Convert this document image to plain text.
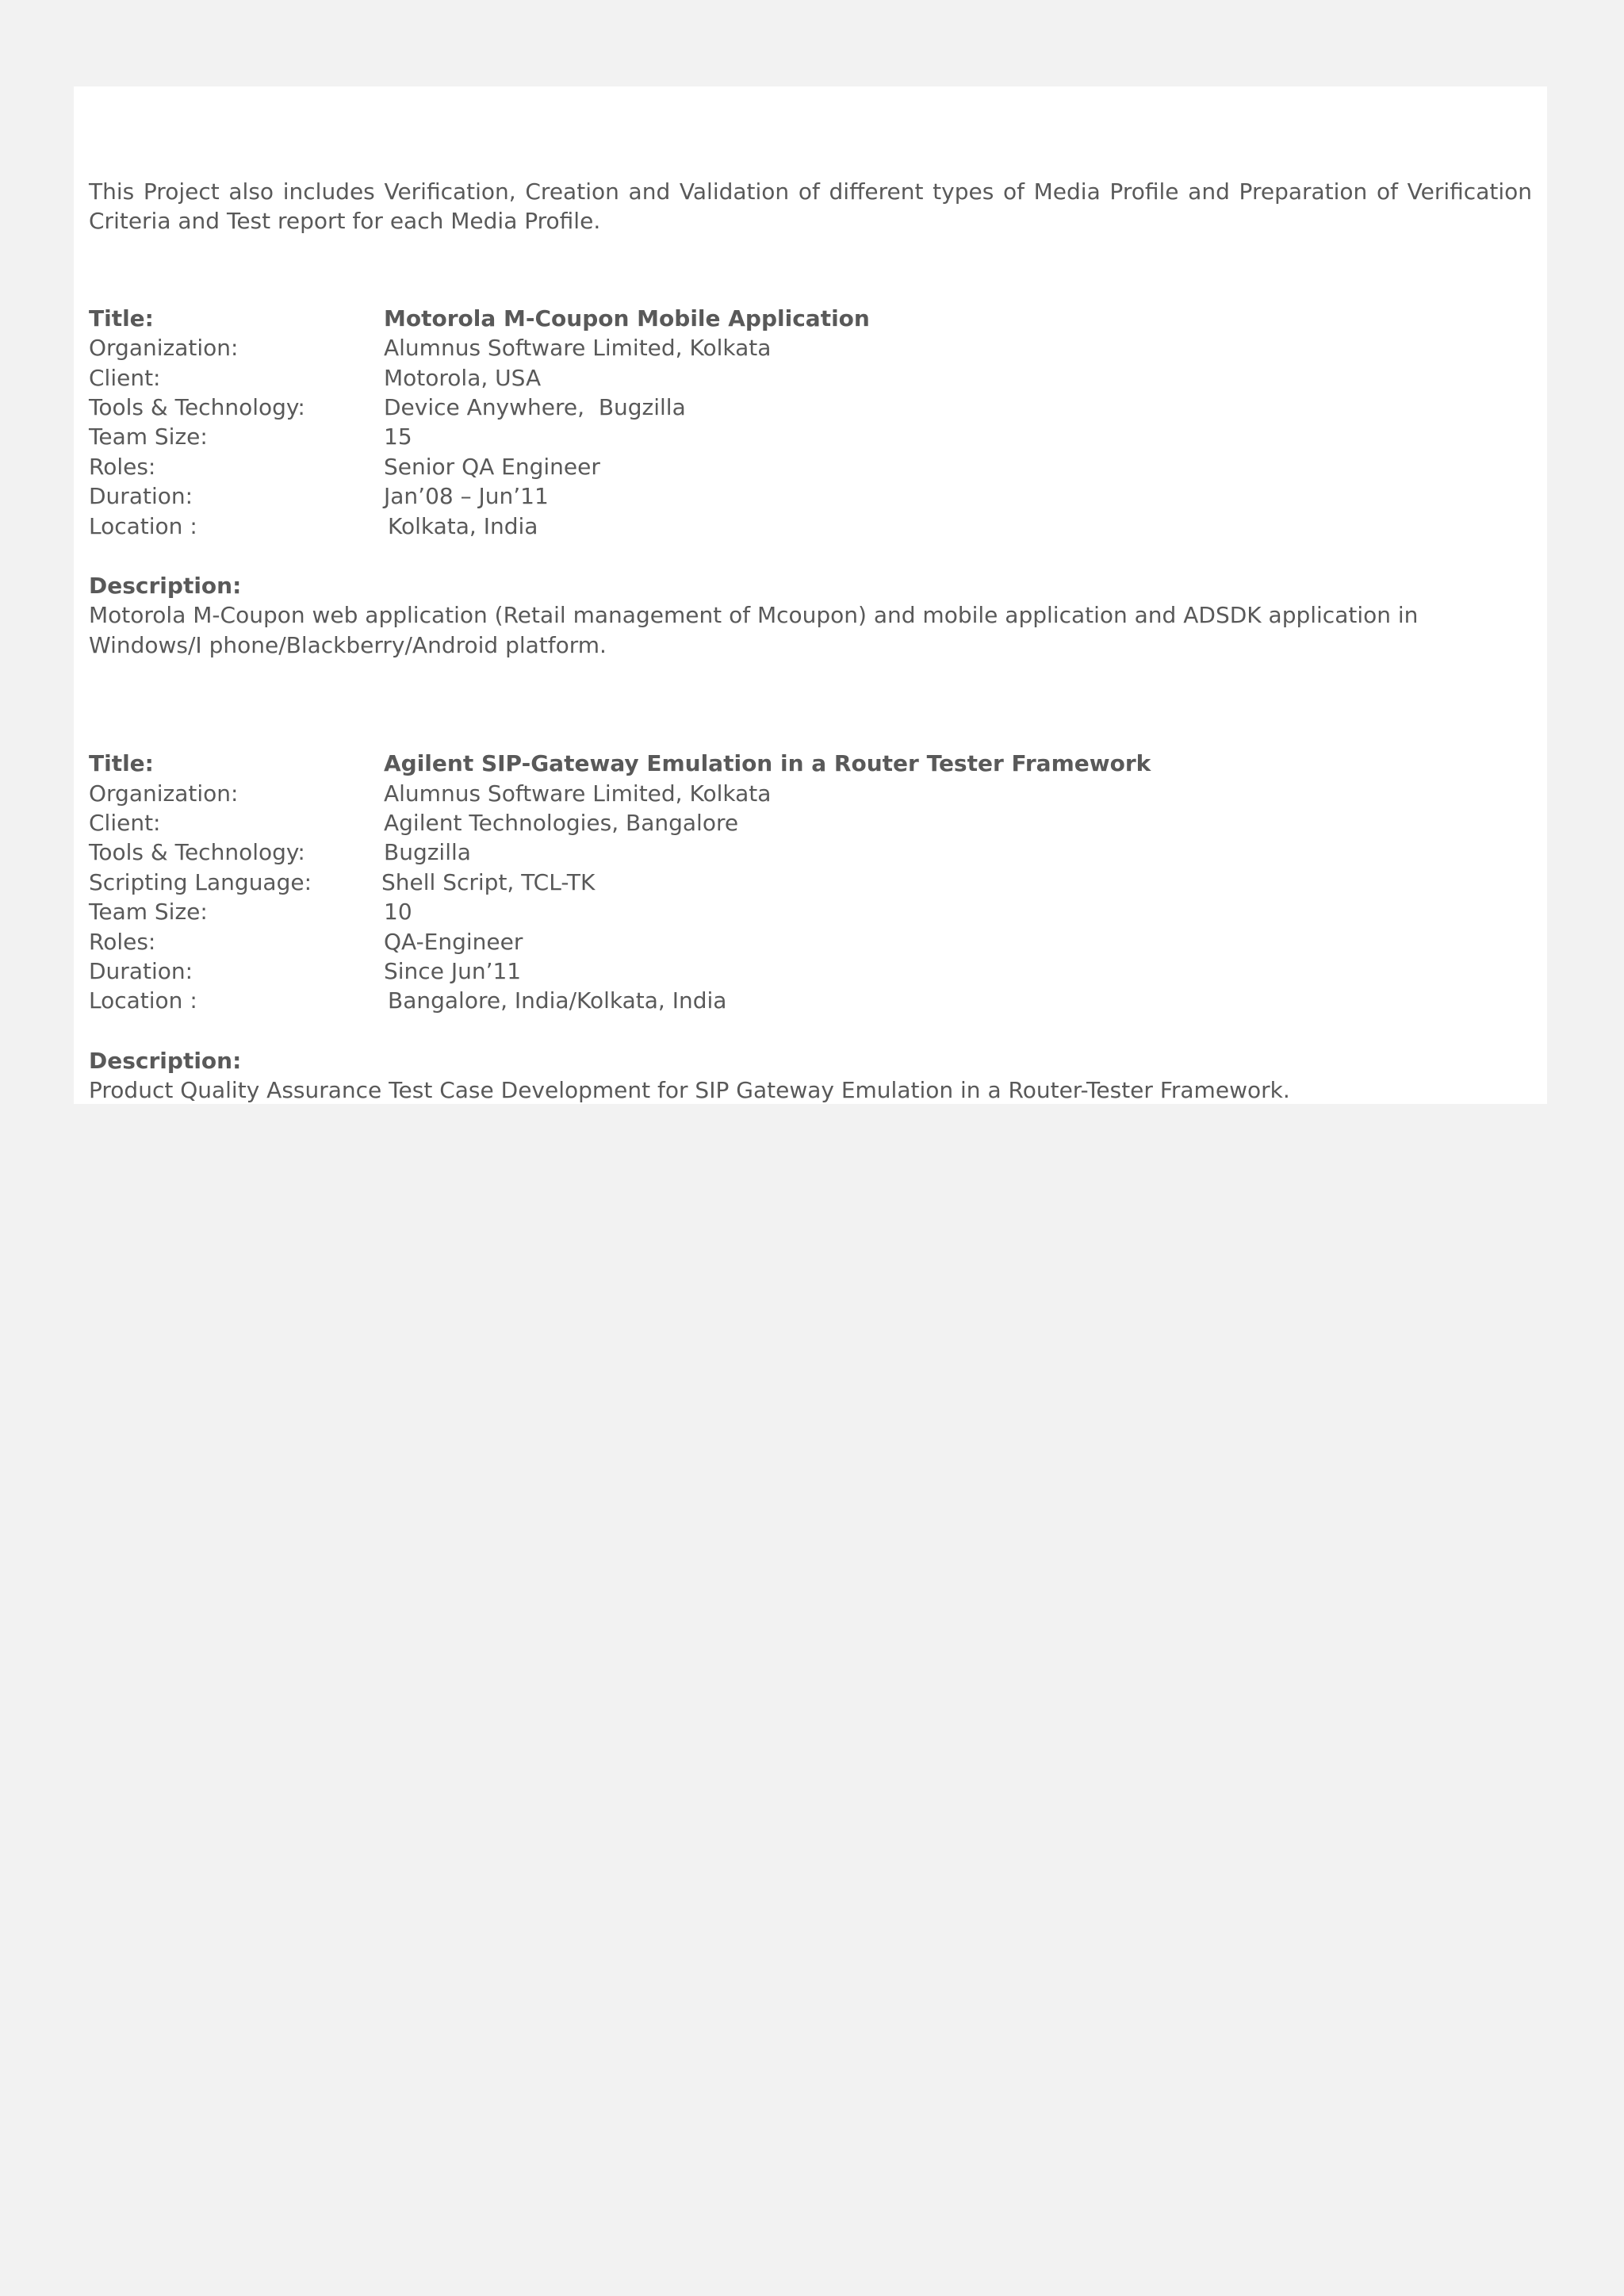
This Project also includes Verification, Creation and Validation of different types of Media Profile and Preparation of Verification Criteria and Test report for each Media Profile.

Title:	Motorola M-Coupon Mobile Application
Organization:	Alumnus Software Limited, Kolkata
Client:	Motorola, USA
Tools & Technology:	Device Anywhere,  Bugzilla
Team Size:	15
Roles:	Senior QA Engineer
Duration:	Jan’08 – Jun’11
Location :	Kolkata, India
Description:

Motorola M-Coupon web application (Retail management of Mcoupon) and mobile application and ADSDK application in Windows/I phone/Blackberry/Android platform.

Title:	Agilent SIP-Gateway Emulation in a Router Tester Framework
Organization:	Alumnus Software Limited, Kolkata
Client:	Agilent Technologies, Bangalore
Tools & Technology:	Bugzilla
Scripting Language:	Shell Script, TCL-TK
Team Size:	10
Roles:	QA-Engineer
Duration:	Since Jun’11
Location :	Bangalore, India/Kolkata, India
Description:

Product Quality Assurance Test Case Development for SIP Gateway Emulation in a Router-Tester Framework.
